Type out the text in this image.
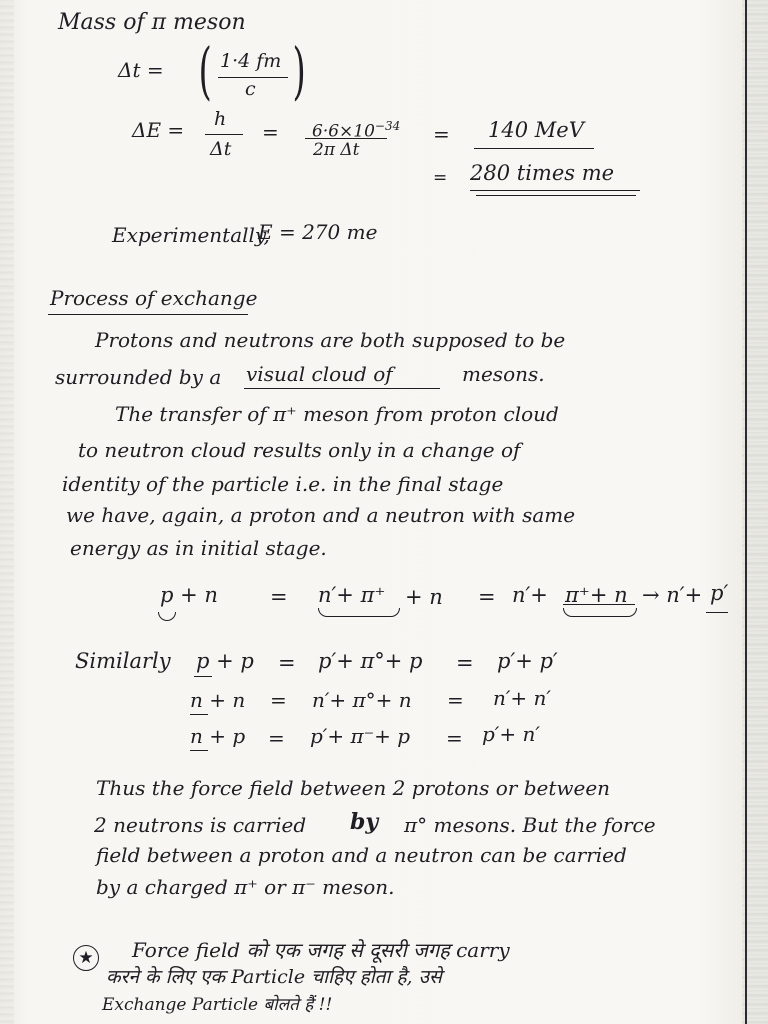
Mass of π meson
Δt = ( 1·4 fm
c )
ΔE = h
Δt
= $6\cdot 6\times 10^{-34}$
2π Δt
= 140 MeV
= 280 times me
Experimentally,
E = 270 me
Process of exchange
Protons and neutrons are both supposed to be
surrounded by a visual cloud of	mesons.
The transfer of π⁺ meson from proton cloud
to neutron cloud results only in a change of
identity of the particle i.e. in the final stage
we have, again, a proton and a neutron with same
energy as in initial stage.
p + n = n′+ π⁺ + n = n′+ π⁺+ n → n′+ p′
Similarly p + p = p′+ π°+ p = p′+ p′
n + n = n′+ π°+ n = n′+ n′
n + p = p′+ π⁻+ p = p′+ n′
Thus the force field between 2 protons or between
2 neutrons is carried by π° mesons. But the force
field between a proton and a neutron can be carried
by a charged π⁺ or π⁻ meson.
★ Force field को एक जगह से दूसरी जगह carry
करने के लिए एक Particle चाहिए होता है, उसे
Exchange Particle बोलते हैं !!
